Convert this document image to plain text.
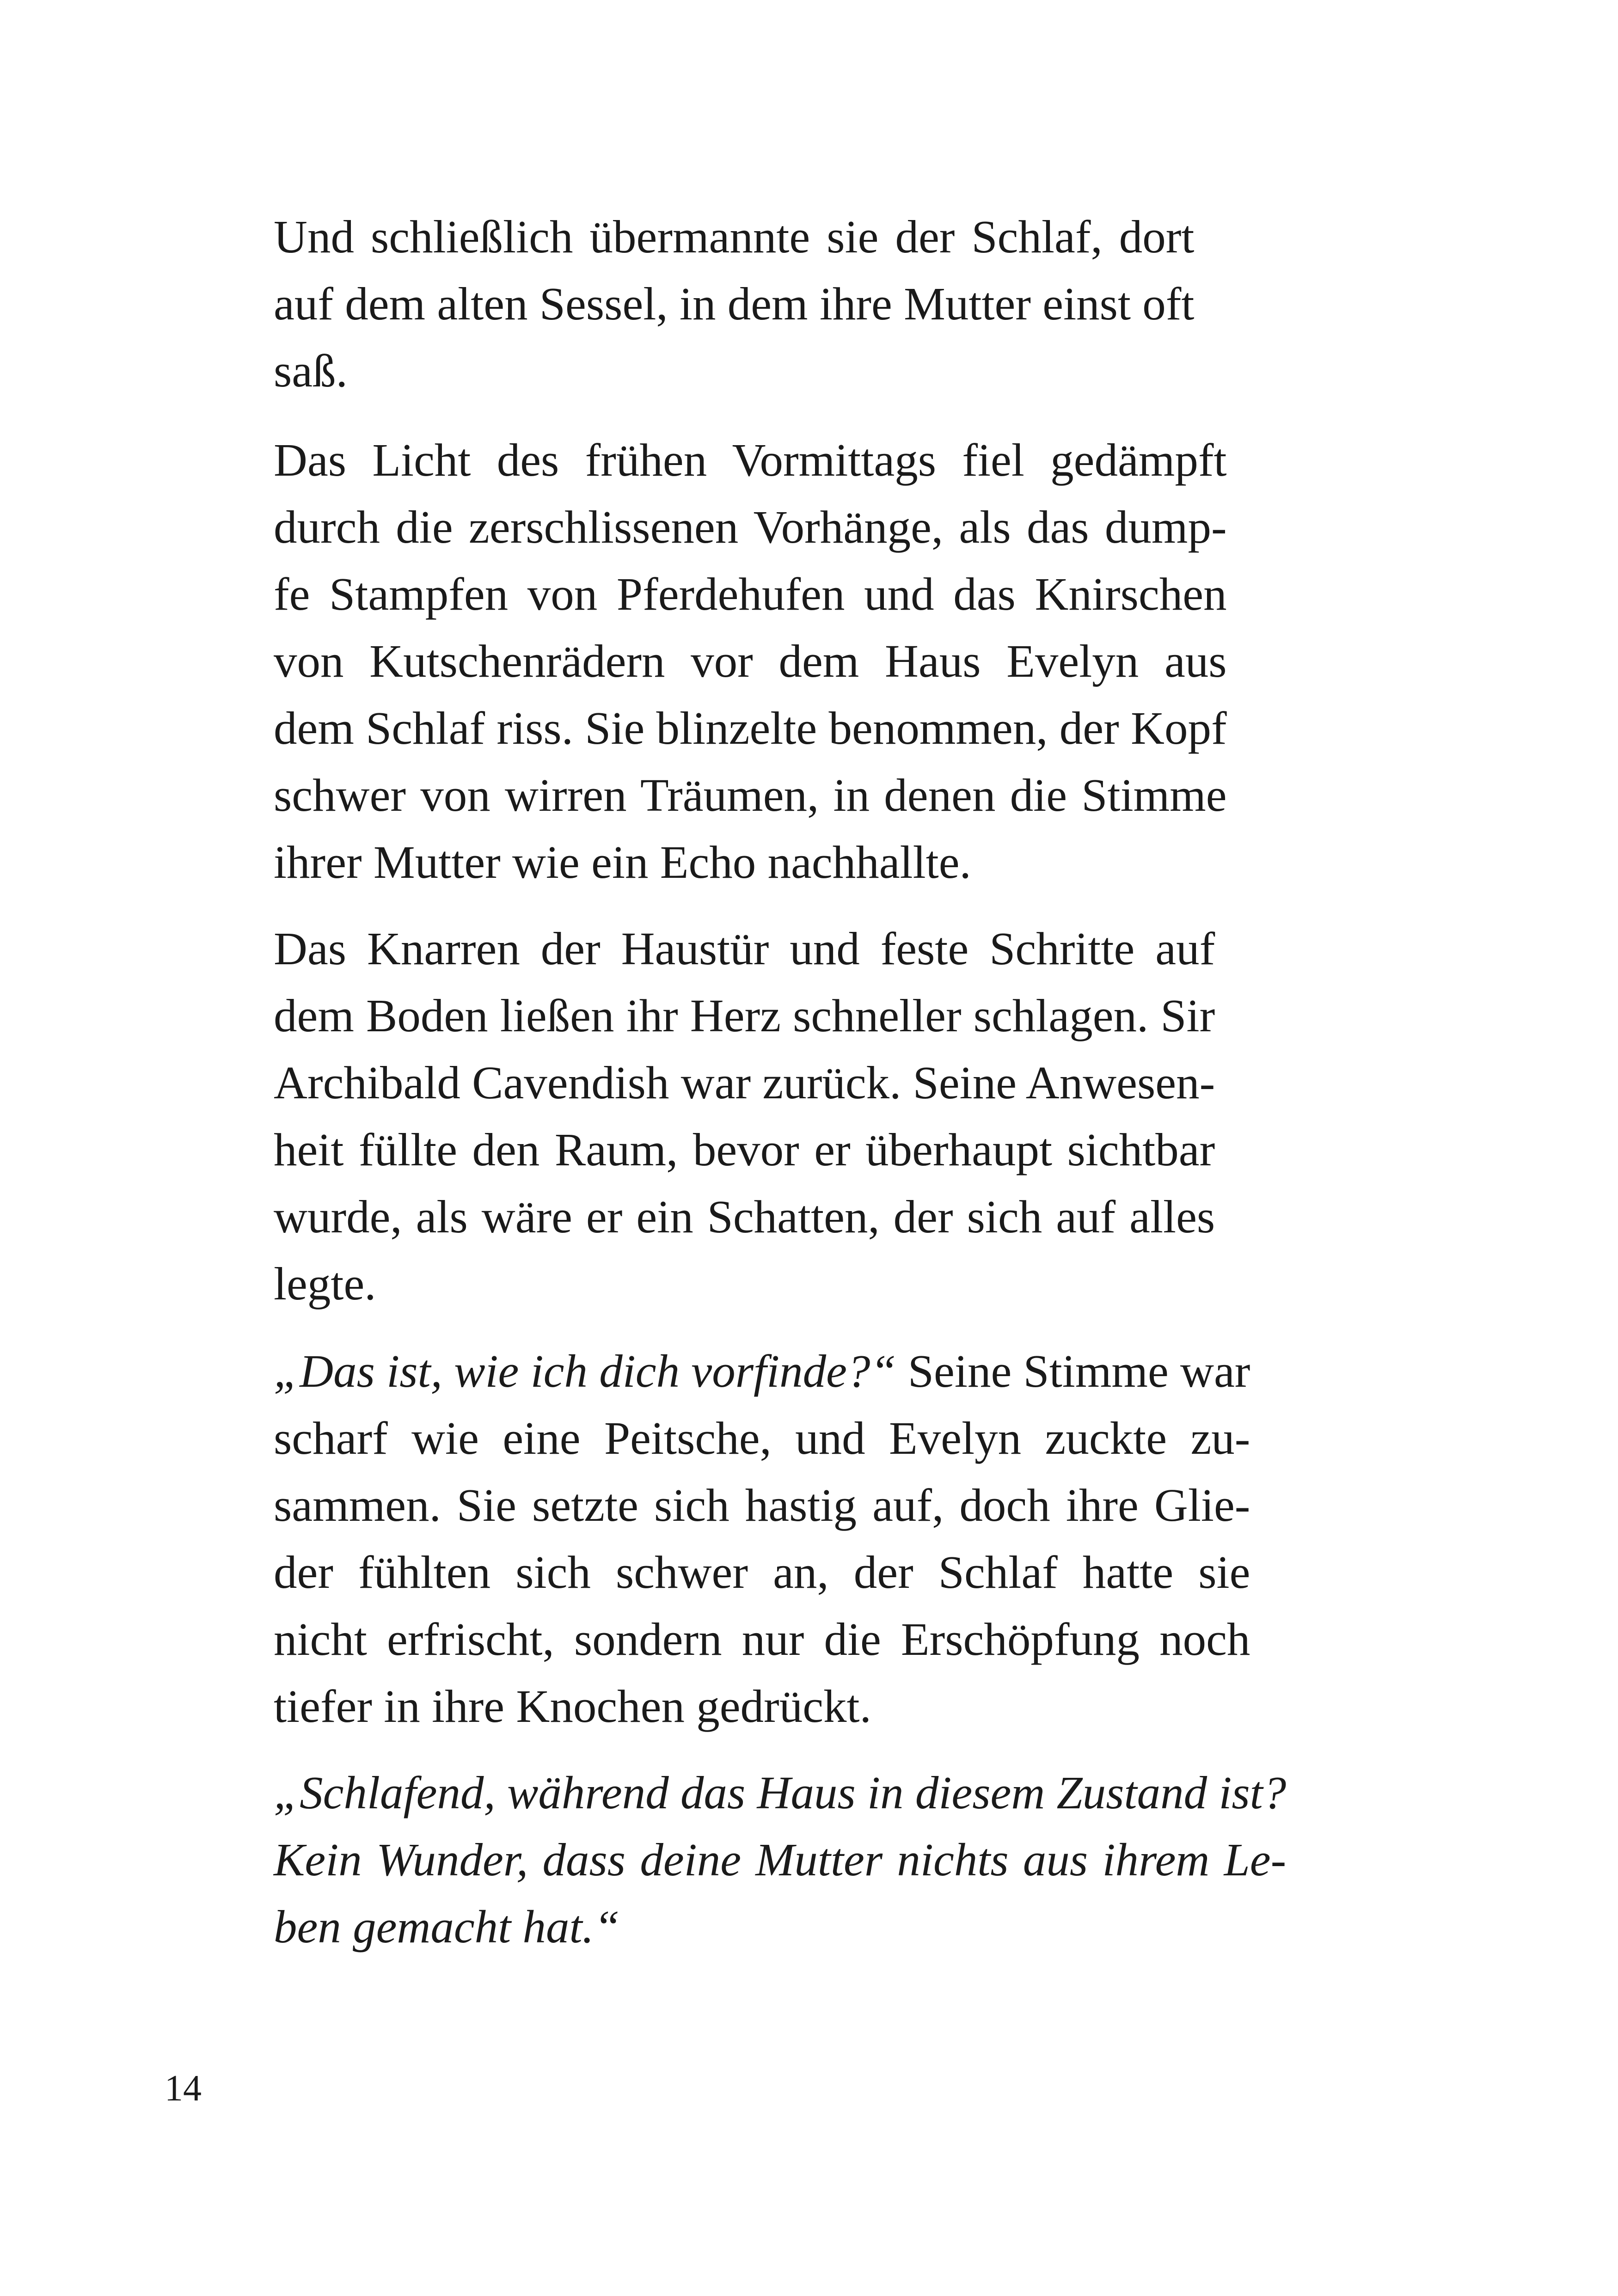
Und schließlich übermannte sie der Schlaf, dort
auf dem alten Sessel, in dem ihre Mutter einst oft
saß.

Das Licht des frühen Vormittags fiel gedämpft
durch die zerschlissenen Vorhänge, als das dump-
fe Stampfen von Pferdehufen und das Knirschen
von Kutschenrädern vor dem Haus Evelyn aus
dem Schlaf riss. Sie blinzelte benommen, der Kopf
schwer von wirren Träumen, in denen die Stimme
ihrer Mutter wie ein Echo nachhallte.

Das Knarren der Haustür und feste Schritte auf
dem Boden ließen ihr Herz schneller schlagen. Sir
Archibald Cavendish war zurück. Seine Anwesen-
heit füllte den Raum, bevor er überhaupt sichtbar
wurde, als wäre er ein Schatten, der sich auf alles
legte.

„Das ist, wie ich dich vorfinde?“ Seine Stimme war
scharf wie eine Peitsche, und Evelyn zuckte zu-
sammen. Sie setzte sich hastig auf, doch ihre Glie-
der fühlten sich schwer an, der Schlaf hatte sie
nicht erfrischt, sondern nur die Erschöpfung noch
tiefer in ihre Knochen gedrückt.

„Schlafend, während das Haus in diesem Zustand ist?
Kein Wunder, dass deine Mutter nichts aus ihrem Le-
ben gemacht hat.“

14
